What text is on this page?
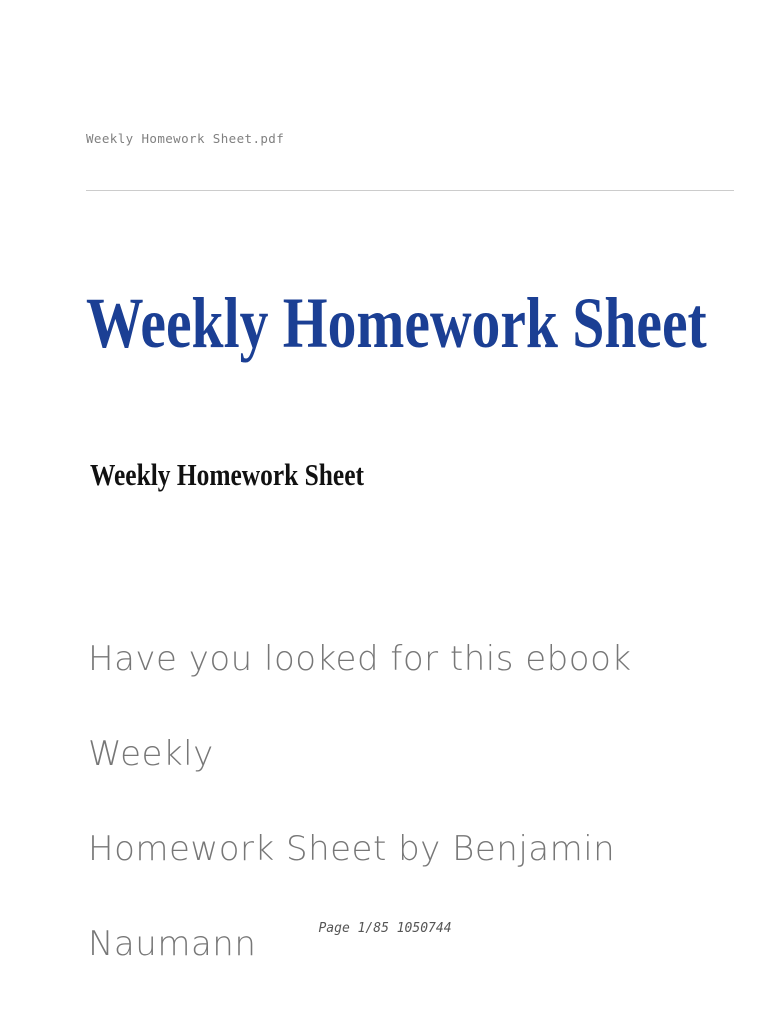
Weekly Homework Sheet.pdf
Weekly Homework Sheet
Weekly Homework Sheet
Have you looked for this ebook Weekly
Homework Sheet by Benjamin Naumann	Page 1/85 1050744
